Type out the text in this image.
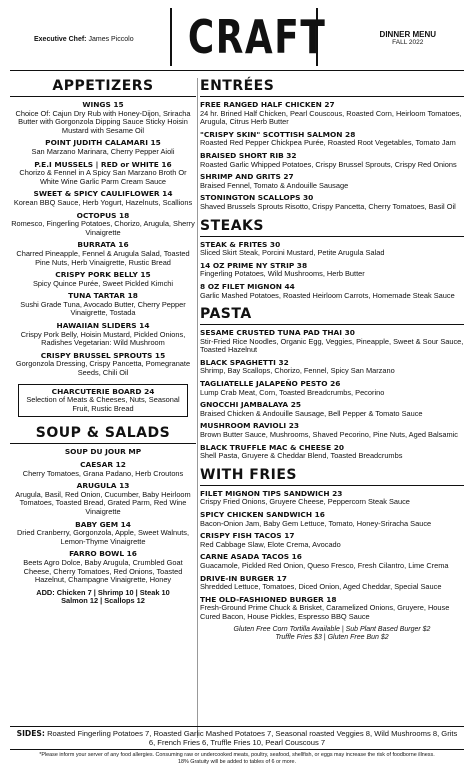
Executive Chef: James Piccolo CRAFT	DINNER MENU
FALL 2022
APPETIZERS
WINGS 15
Choice Of: Cajun Dry Rub with Honey-Dijon, Sriracha Butter with Gorgonzola Dipping Sauce Sticky Hoisin Mustard with Sesame Oil
POINT JUDITH CALAMARI 15
San Marzano Marinara, Cherry Pepper Aioli
P.E.I MUSSELS | RED or WHITE 16
Chorizo & Fennel in A Spicy San Marzano Broth Or White Wine Garlic Parm Cream Sauce
SWEET & SPICY CAULIFLOWER 14
Korean BBQ Sauce, Herb Yogurt, Hazelnuts, Scallions
OCTOPUS 18
Romesco, Fingerling Potatoes, Chorizo, Arugula, Sherry Vinaigrette
BURRATA 16
Charred Pineapple, Fennel & Arugula Salad, Toasted Pine Nuts, Herb Vinaigrette, Rustic Bread
CRISPY PORK BELLY 15
Spicy Quince Purée, Sweet Pickled Kimchi
TUNA TARTAR 18
Sushi Grade Tuna, Avocado Butter, Cherry Pepper Vinaigrette, Tostada
HAWAIIAN SLIDERS 14
Crispy Pork Belly, Hoisin Mustard, Pickled Onions, Radishes Vegetarian: Wild Mushroom
CRISPY BRUSSEL SPROUTS 15
Gorgonzola Dressing, Crispy Pancetta, Pomegranate Seeds, Chili Oil
CHARCUTERIE BOARD 24
Selection of Meats & Cheeses, Nuts, Seasonal Fruit, Rustic Bread
SOUP & SALADS
SOUP DU JOUR MP
CAESAR 12
Cherry Tomatoes, Grana Padano, Herb Croutons
ARUGULA 13
Arugula, Basil, Red Onion, Cucumber, Baby Heirloom Tomatoes, Toasted Bread, Grated Parm, Red Wine Vinaigrette
BABY GEM 14
Dried Cranberry, Gorgonzola, Apple, Sweet Walnuts, Lemon-Thyme Vinaigrette
FARRO BOWL 16
Beets Agro Dolce, Baby Arugula, Crumbled Goat Cheese, Cherry Tomatoes, Red Onions, Toasted Hazelnut, Champagne Vinaigrette, Honey
ADD: Chicken 7 | Shrimp 10 | Steak 10
Salmon 12 | Scallops 12
ENTRÉES
FREE RANGED HALF CHICKEN 27
24 hr. Brined Half Chicken, Pearl Couscous, Roasted Corn, Heirloom Tomatoes, Arugula, Citrus Herb Butter
"CRISPY SKIN" SCOTTISH SALMON 28
Roasted Red Pepper Chickpea Purée, Roasted Root Vegetables, Tomato Jam
BRAISED SHORT RIB 32
Roasted Garlic Whipped Potatoes, Crispy Brussel Sprouts, Crispy Red Onions
SHRIMP AND GRITS 27
Braised Fennel, Tomato & Andouille Sausage
STONINGTON SCALLOPS 30
Shaved Brussels Sprouts Risotto, Crispy Pancetta, Cherry Tomatoes, Basil Oil
STEAKS
STEAK & FRITES 30
Sliced Skirt Steak, Porcini Mustard, Petite Arugula Salad
14 OZ PRIME NY STRIP 38
Fingerling Potatoes, Wild Mushrooms, Herb Butter
8 OZ FILET MIGNON 44
Garlic Mashed Potatoes, Roasted Heirloom Carrots, Homemade Steak Sauce
PASTA
SESAME CRUSTED TUNA PAD THAI 30
Stir-Fried Rice Noodles, Organic Egg, Veggies, Pineapple, Sweet & Sour Sauce, Toasted Hazelnut
BLACK SPAGHETTI 32
Shrimp, Bay Scallops, Chorizo, Fennel, Spicy San Marzano
TAGLIATELLE JALAPEÑO PESTO 26
Lump Crab Meat, Corn, Toasted Breadcrumbs, Pecorino
GNOCCHI JAMBALAYA 25
Braised Chicken & Andouille Sausage, Bell Pepper & Tomato Sauce
MUSHROOM RAVIOLI 23
Brown Butter Sauce, Mushrooms, Shaved Pecorino, Pine Nuts, Aged Balsamic
BLACK TRUFFLE MAC & CHEESE 20
Shell Pasta, Gruyere & Cheddar Blend, Toasted Breadcrumbs
WITH FRIES
FILET MIGNON TIPS SANDWICH 23
Crispy Fried Onions, Gruyere Cheese, Peppercorn Steak Sauce
SPICY CHICKEN SANDWICH 16
Bacon-Onion Jam, Baby Gem Lettuce, Tomato, Honey-Sriracha Sauce
CRISPY FISH TACOS 17
Red Cabbage Slaw, Elote Crema, Avocado
CARNE ASADA TACOS 16
Guacamole, Pickled Red Onion, Queso Fresco, Fresh Cilantro, Lime Crema
DRIVE-IN BURGER 17
Shredded Lettuce, Tomatoes, Diced Onion, Aged Cheddar, Special Sauce
THE OLD-FASHIONED BURGER 18
Fresh-Ground Prime Chuck & Brisket, Caramelized Onions, Gruyere, House Cured Bacon, House Pickles, Espresso BBQ Sauce
Gluten Free Corn Tortilla Available | Sub Plant Based Burger $2
Truffle Fries $3 | Gluten Free Bun $2
SIDES: Roasted Fingerling Potatoes 7, Roasted Garlic Mashed Potatoes 7, Seasonal roasted Veggies 8, Wild Mushrooms 8, Grits 6, French Fries 6, Truffle Fries 10, Pearl Couscous 7
*Please inform your server of any food allergies. Consuming raw or undercooked meats, poultry, seafood, shellfish, or eggs may increase the risk of foodborne illness.
18% Gratuity will be added to tables of 6 or more.
